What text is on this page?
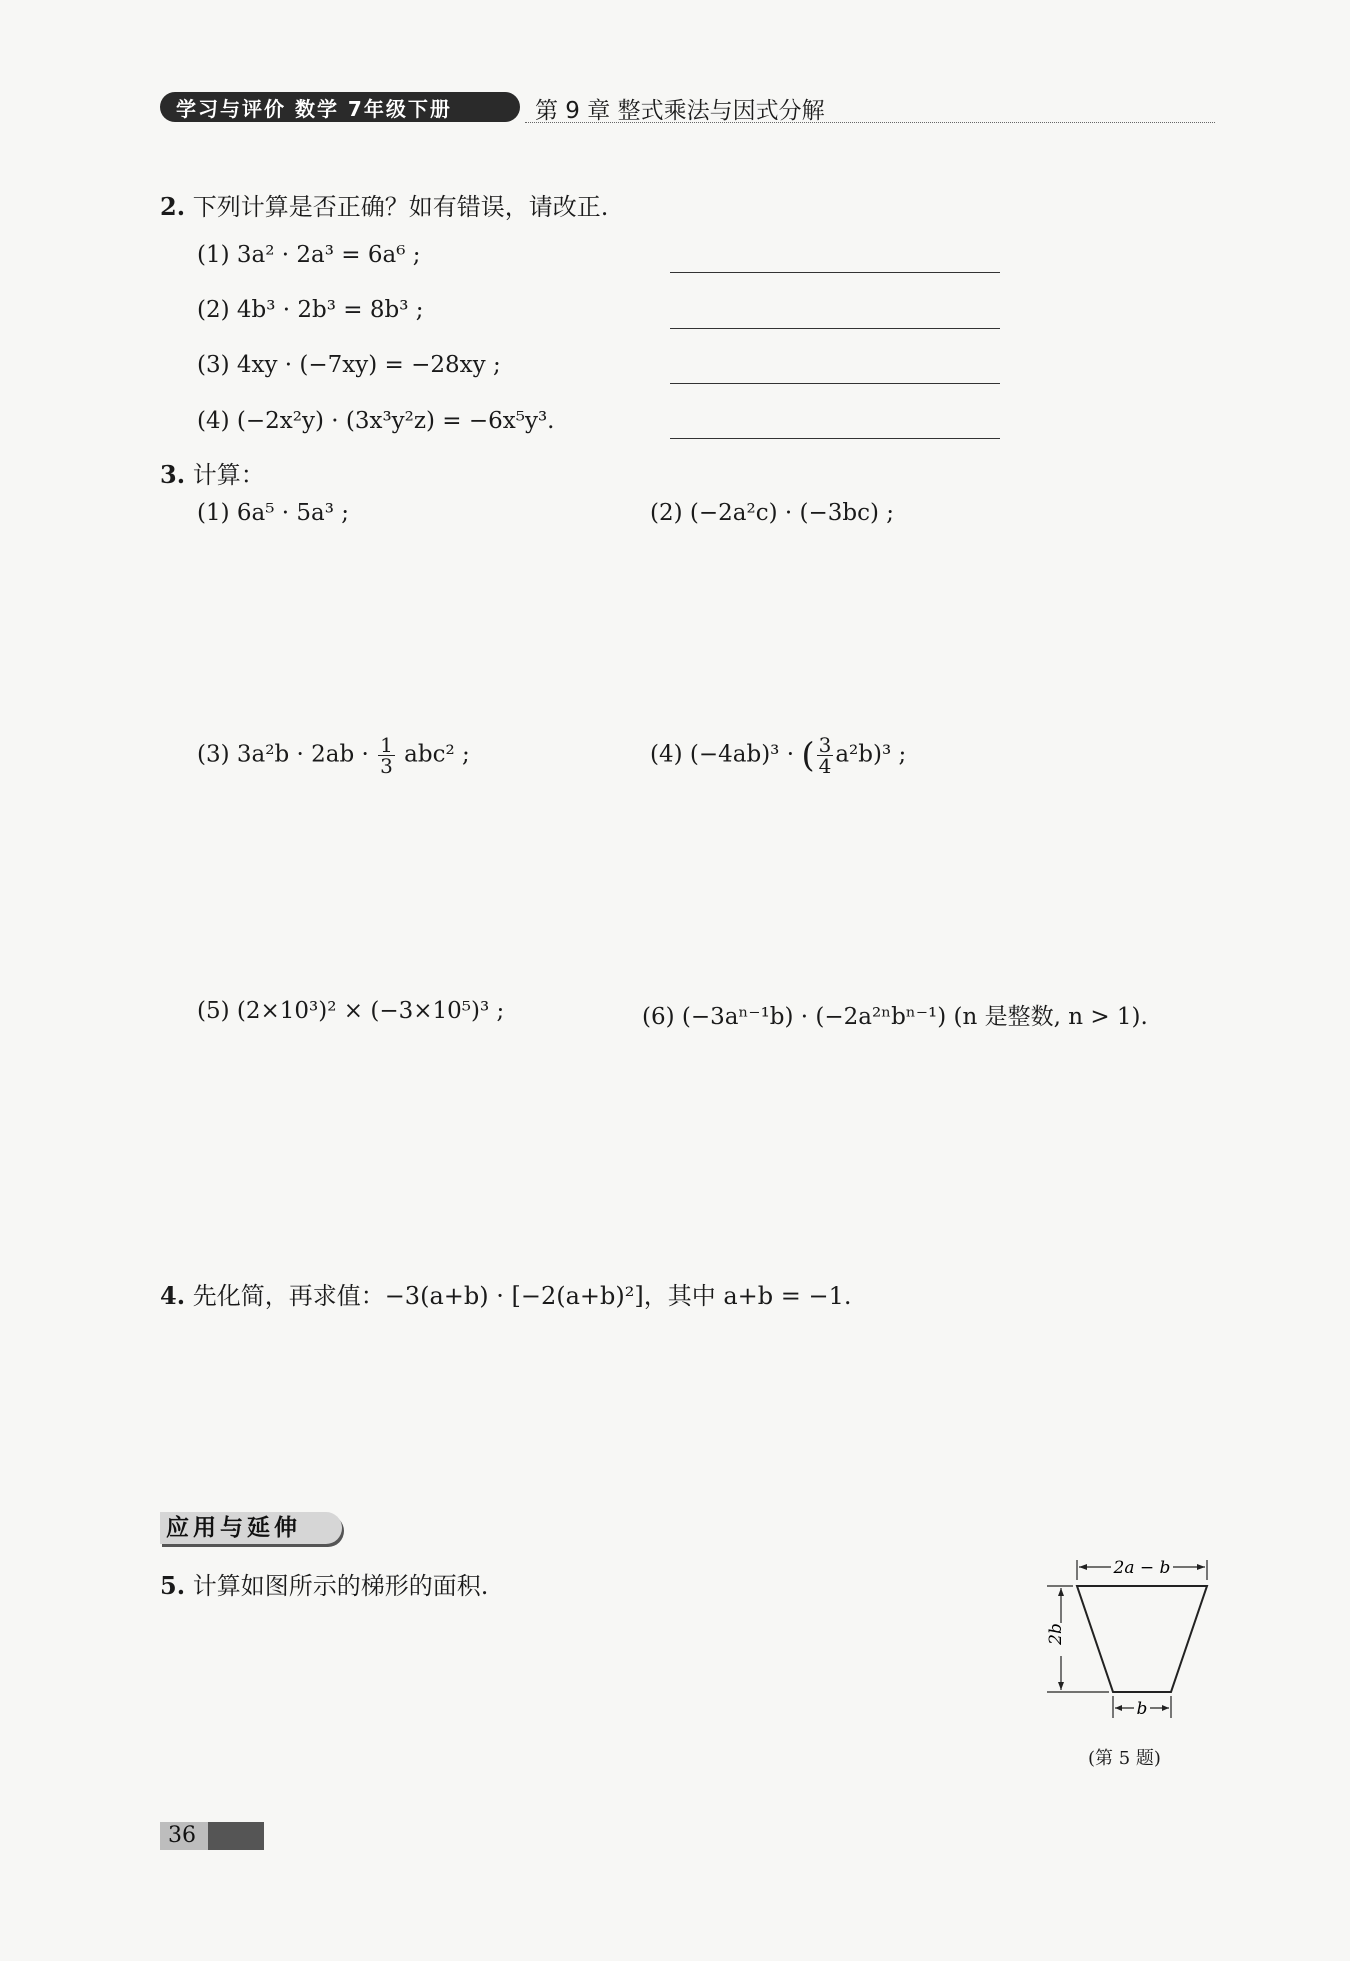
学习与评价 数学 7年级下册	第 9 章 整式乘法与因式分解
2. 下列计算是否正确？如有错误，请改正.
(1) 3a² · 2a³ = 6a⁶ ;
(2) 4b³ · 2b³ = 8b³ ;
(3) 4xy · (−7xy) = −28xy ;
(4) (−2x²y) · (3x³y²z) = −6x⁵y³.
3. 计算：
(1) 6a⁵ · 5a³ ;	(2) (−2a²c) · (−3bc) ;
(3) $3a^2b \cdot 2ab \cdot \frac{1}{3} abc^2$ ;	(4) (−4ab)³ · ( $\frac{3}{4} a^2b)^3$ ;
(5) (2×10³)² × (−3×10⁵)³ ;	(6) (−3aⁿ⁻¹b) · (−2a²ⁿbⁿ⁻¹) (n 是整数, n > 1).
4. 先化简，再求值：−3(a+b) · [−2(a+b)²]，其中 a+b = −1.
应用与延伸
5. 计算如图所示的梯形的面积.
2a − b
2b
b
(第 5 题)
36
